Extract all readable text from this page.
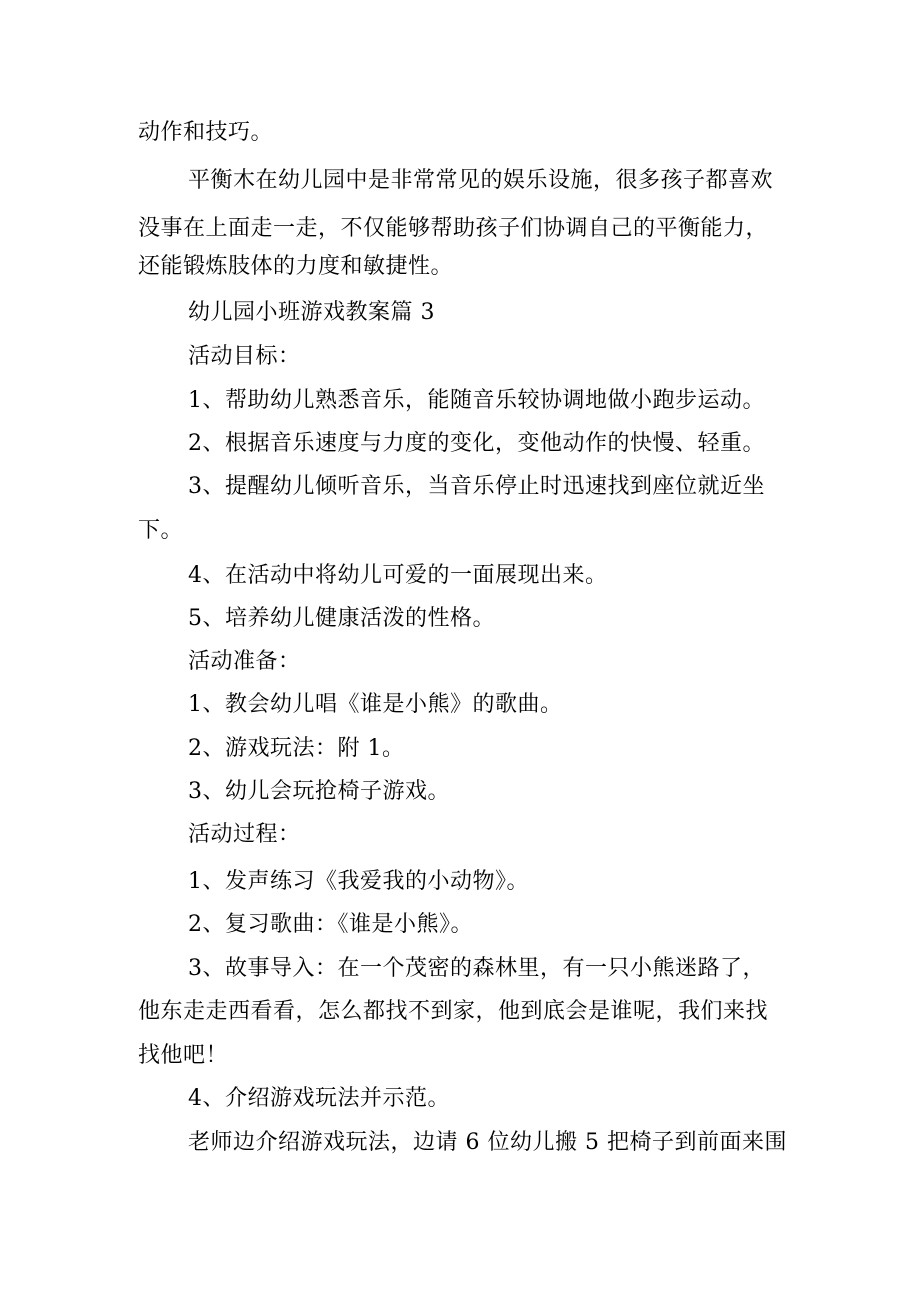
动作和技巧。
平衡木在幼儿园中是非常常见的娱乐设施，很多孩子都喜欢
没事在上面走一走，不仅能够帮助孩子们协调自己的平衡能力，
还能锻炼肢体的力度和敏捷性。
幼儿园小班游戏教案篇 3
活动目标：
1、帮助幼儿熟悉音乐，能随音乐较协调地做小跑步运动。
2、根据音乐速度与力度的变化，变他动作的快慢、轻重。
3、提醒幼儿倾听音乐，当音乐停止时迅速找到座位就近坐
下。
4、在活动中将幼儿可爱的一面展现出来。
5、培养幼儿健康活泼的性格。
活动准备：
1、教会幼儿唱《谁是小熊》的歌曲。
2、游戏玩法：附 1。
3、幼儿会玩抢椅子游戏。
活动过程：
1、发声练习《我爱我的小动物》。
2、复习歌曲：《谁是小熊》。
3、故事导入：在一个茂密的森林里，有一只小熊迷路了，
他东走走西看看，怎么都找不到家，他到底会是谁呢，我们来找
找他吧！
4、介绍游戏玩法并示范。
老师边介绍游戏玩法，边请 6 位幼儿搬 5 把椅子到前面来围
